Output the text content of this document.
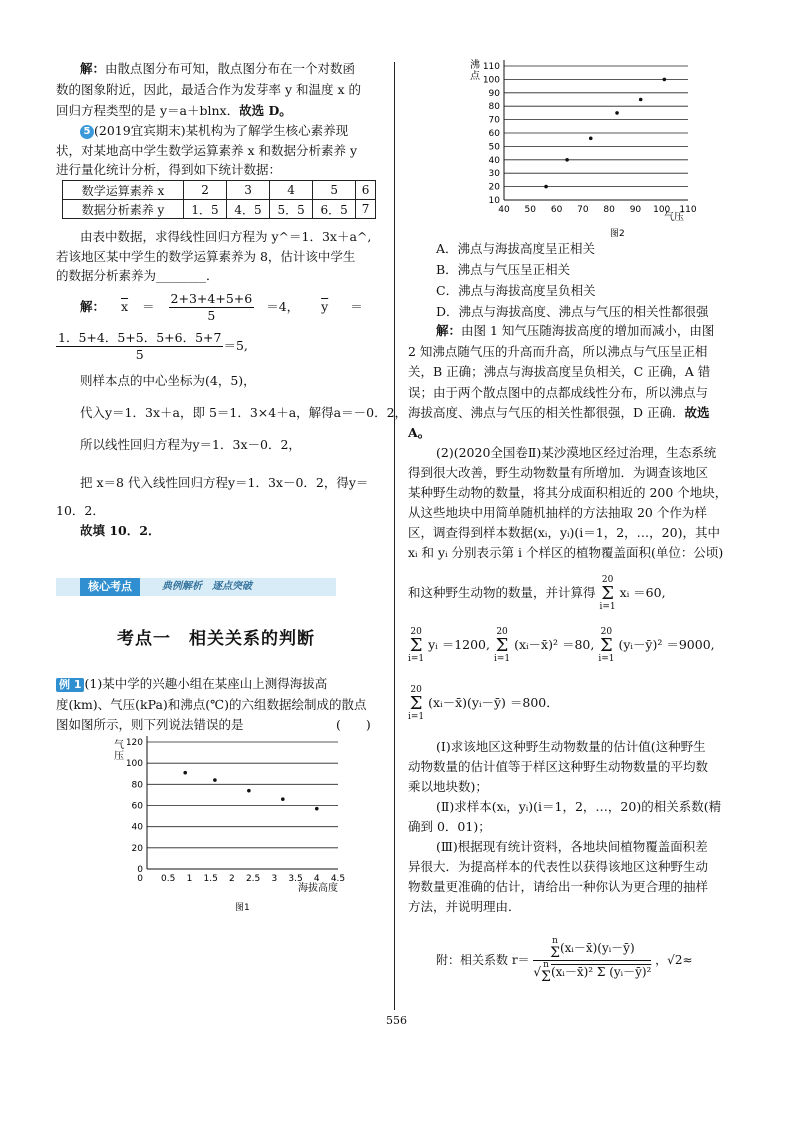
解：由散点图分布可知，散点图分布在一个对数函
数的图象附近，因此，最适合作为发芽率 y 和温度 x 的
回归方程类型的是 y＝a＋blnx．故选 D。
5 (2019宜宾期末)某机构为了解学生核心素养现
状，对某地高中学生数学运算素养 x 和数据分析素养 y
进行量化统计分析，得到如下统计数据：
数学运算素养 x	2	3	4	5	6
数据分析素养 y	1．5	4．5	5．5	6．5	7
由表中数据，求得线性回归方程为 y^＝1．3x＋a^,
若该地区某中学生的数学运算素养为 8，估计该中学生
的数据分析素养为________．
解： $\overline{x} = \frac{2+3+4+5+6}{5} =4$， $\overline{y}$ ＝
$\frac{1.5+4.5+5.5+6.5+7}{5} =5$,
则样本点的中心坐标为(4，5)，
代入y＝1．3x＋a，即 5＝1．3×4＋a，解得a＝－0．2，
所以线性回归方程为y＝1．3x－0．2，
把 x＝8 代入线性回归方程y＝1．3x－0．2，得y＝
10．2．
故填 10．2．
核心考点	典例解析　逐点突破
考点一　相关关系的判断
例 1 (1)某中学的兴趣小组在某座山上测得海拔高
度(km)、气压(kPa)和沸点(℃)的六组数据绘制成的散点
图如图所示，则下列说法错误的是	(　　)
0
20
40
60
80
100
120
0.5 1 1.5 2 2.5 3 3.5 4 4.5
0
气压
海拔高度
图1
10
20
30
40
50
60
70
80
90
100
110
40 50 60 70 80 90 100 110
沸点
气压
图2
A．沸点与海拔高度呈正相关
B．沸点与气压呈正相关
C．沸点与海拔高度呈负相关
D．沸点与海拔高度、沸点与气压的相关性都很强
解：由图 1 知气压随海拔高度的增加而减小，由图
2 知沸点随气压的升高而升高，所以沸点与气压呈正相
关，B 正确；沸点与海拔高度呈负相关，C 正确，A 错
误；由于两个散点图中的点都成线性分布，所以沸点与
海拔高度、沸点与气压的相关性都很强，D 正确．故选
A。
(2)(2020全国卷Ⅱ)某沙漠地区经过治理，生态系统
得到很大改善，野生动物数量有所增加．为调查该地区
某种野生动物的数量，将其分成面积相近的 200 个地块，
从这些地块中用简单随机抽样的方法抽取 20 个作为样
区，调查得到样本数据(xᵢ，yᵢ)(i＝1，2，…，20)，其中
xᵢ 和 yᵢ 分别表示第 i 个样区的植物覆盖面积(单位：公顷)
和这种野生动物的数量，并计算得 20
Σ
i=1 xᵢ ＝60,
20
Σ
i=1 yᵢ ＝1200, 20
Σ
i=1 (xᵢ－x̄)² ＝80, 20
Σ
i=1 (yᵢ－ȳ)² ＝9000,
20
Σ
i=1 (xᵢ－x̄)(yᵢ－ȳ) ＝800．
(Ⅰ)求该地区这种野生动物数量的估计值(这种野生
动物数量的估计值等于样区这种野生动物数量的平均数
乘以地块数)；
(Ⅱ)求样本(xᵢ，yᵢ)(i＝1，2，…，20)的相关系数(精
确到 0．01)；
(Ⅲ)根据现有统计资料，各地块间植物覆盖面积差
异很大．为提高样本的代表性以获得该地区这种野生动
物数量更准确的估计，请给出一种你认为更合理的抽样
方法，并说明理由．
附：相关系数 r＝ n
Σ (xᵢ－x̄)(yᵢ－ȳ)
√ n
Σ (xᵢ－x̄)² Σ (yᵢ－ȳ)² ，√2≈
556
